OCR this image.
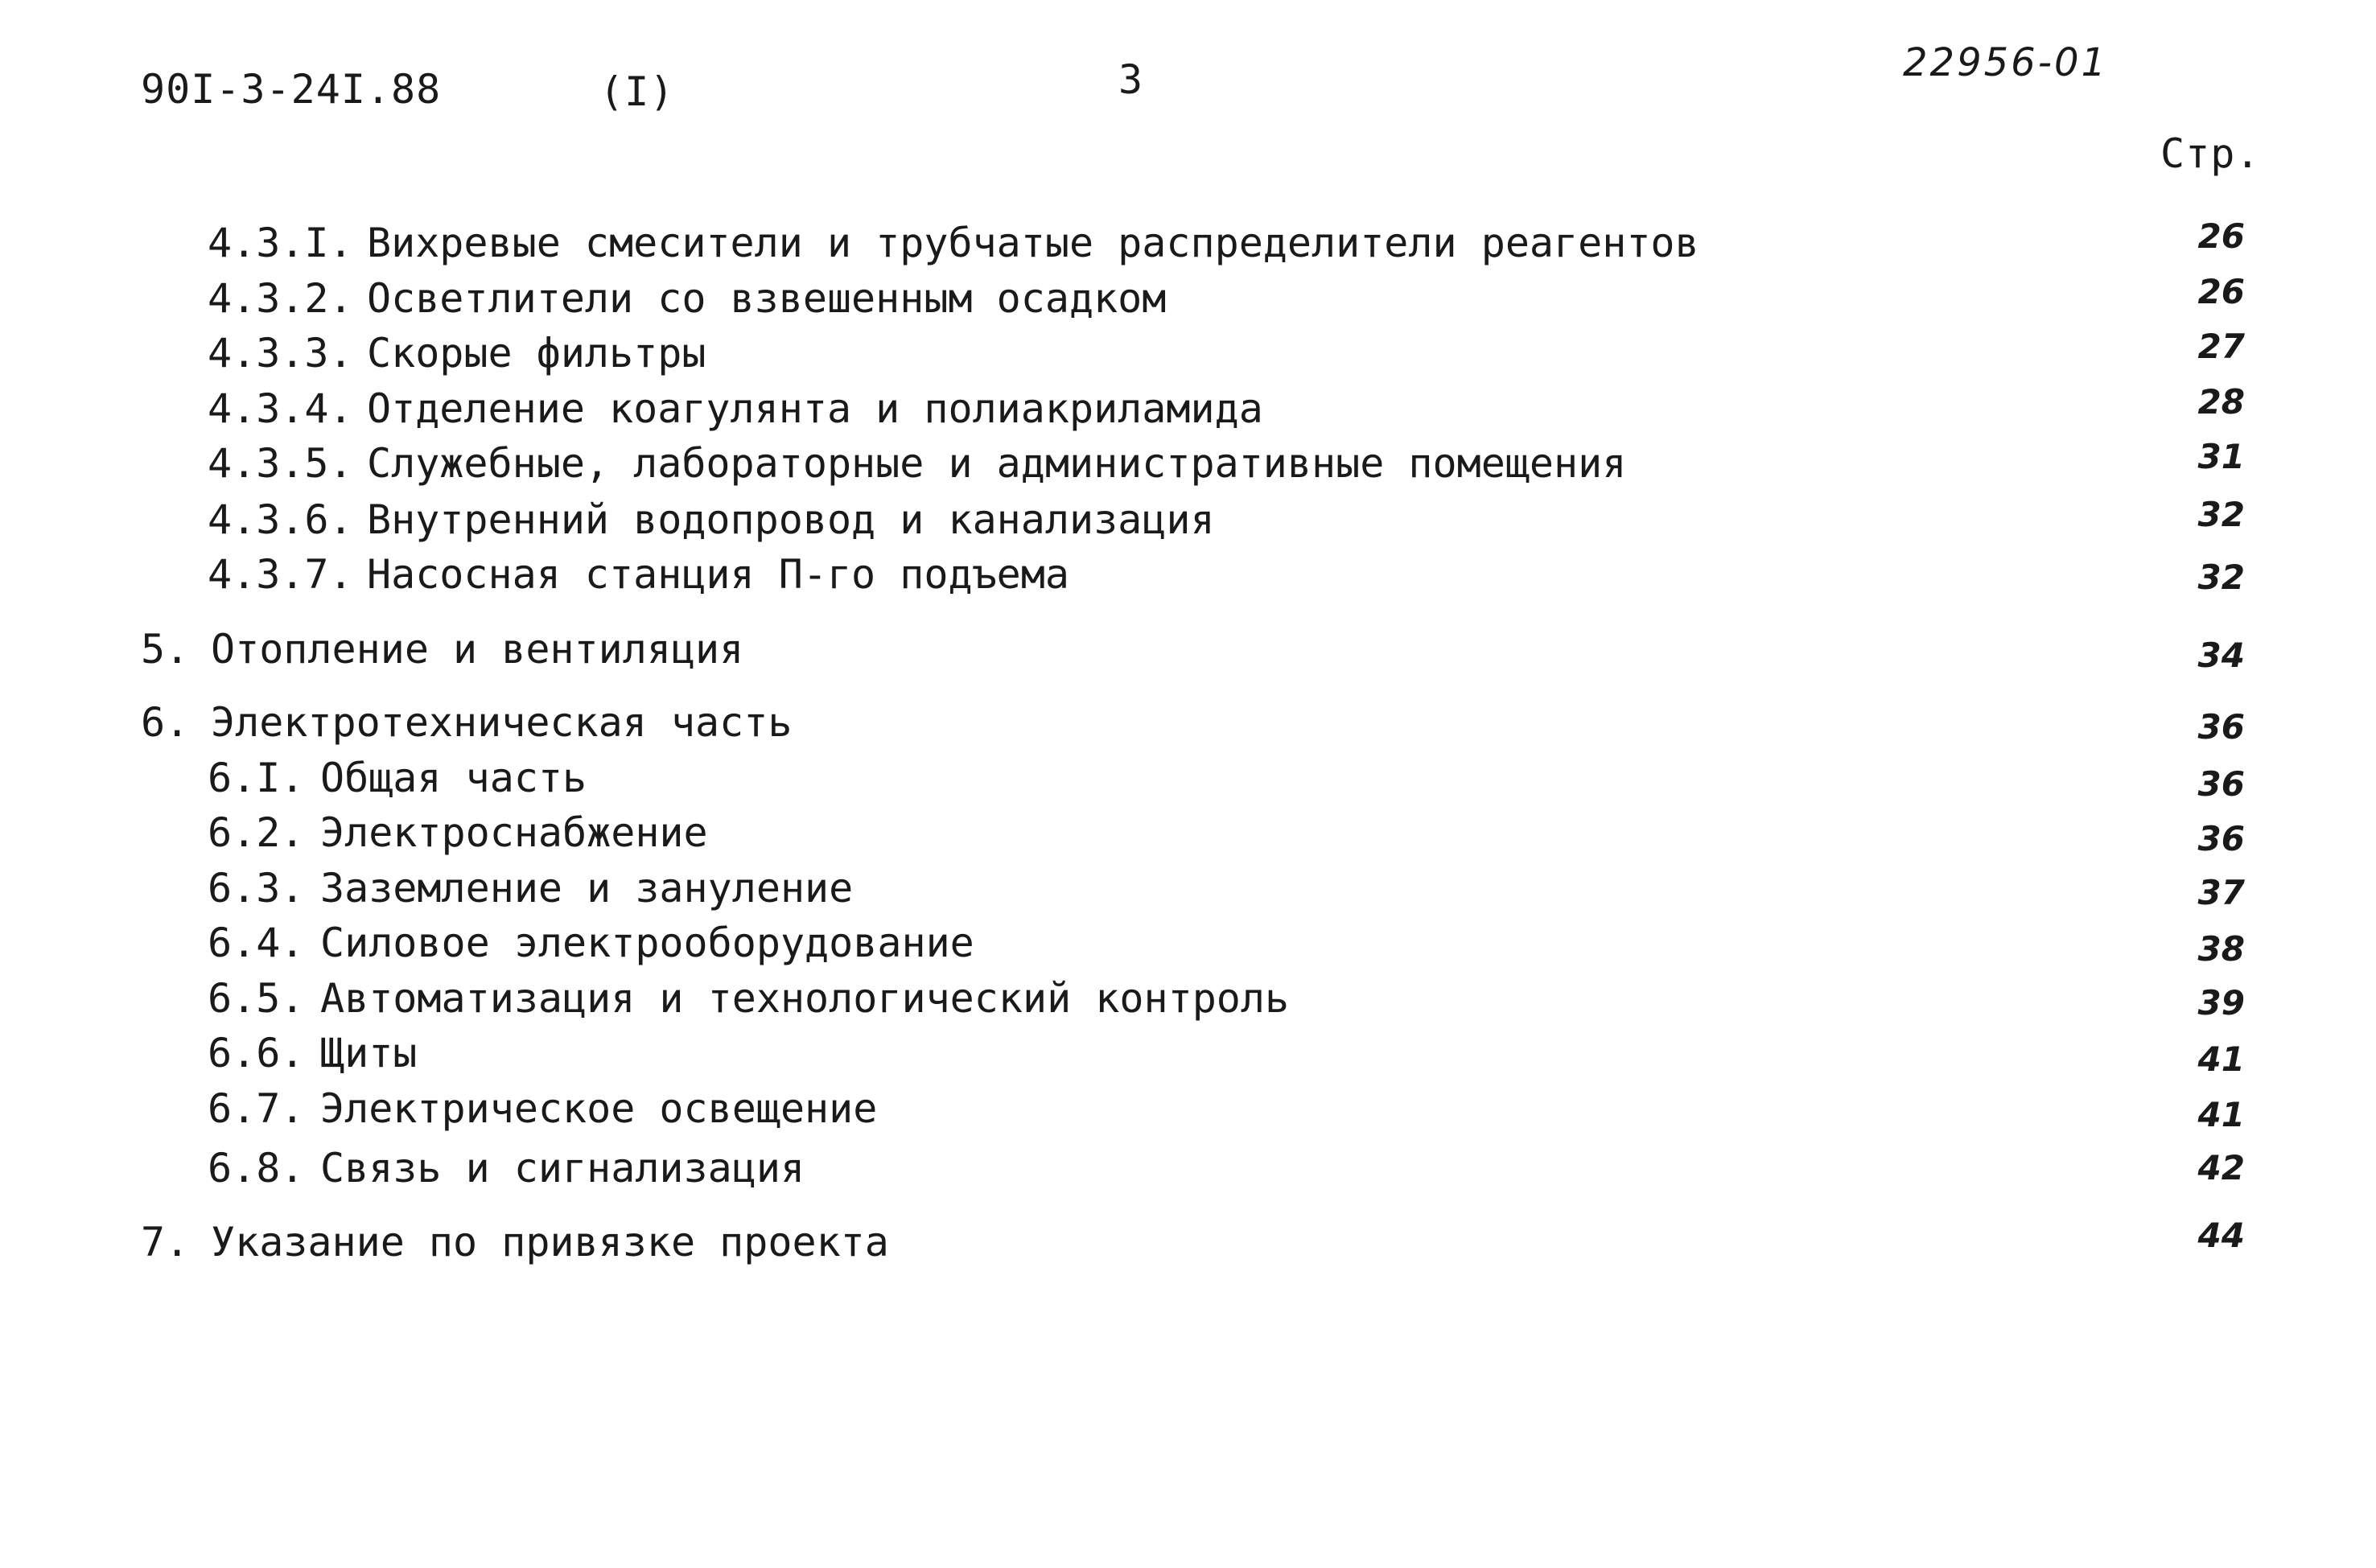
90I-3-24I.88	(I)	3	22956-01
Стр.
4.3.I. Вихревые смесители и трубчатые распределители реагентов	26
4.3.2. Осветлители со взвешенным осадком	26
4.3.3. Скорые фильтры	27
4.3.4. Отделение коагулянта и полиакриламида	28
4.3.5. Служебные, лабораторные и административные помещения	31
4.3.6. Внутренний водопровод и канализация	32
4.3.7. Насосная станция П-го подъема	32
5. Отопление и вентиляция	34
6. Электротехническая часть	36
6.I. Общая часть	36
6.2. Электроснабжение	36
6.3. Заземление и зануление	37
6.4. Силовое электрооборудование	38
6.5. Автоматизация и технологический контроль	39
6.6. Щиты	41
6.7. Электрическое освещение	41
6.8. Связь и сигнализация	42
7. Указание по привязке проекта	44
